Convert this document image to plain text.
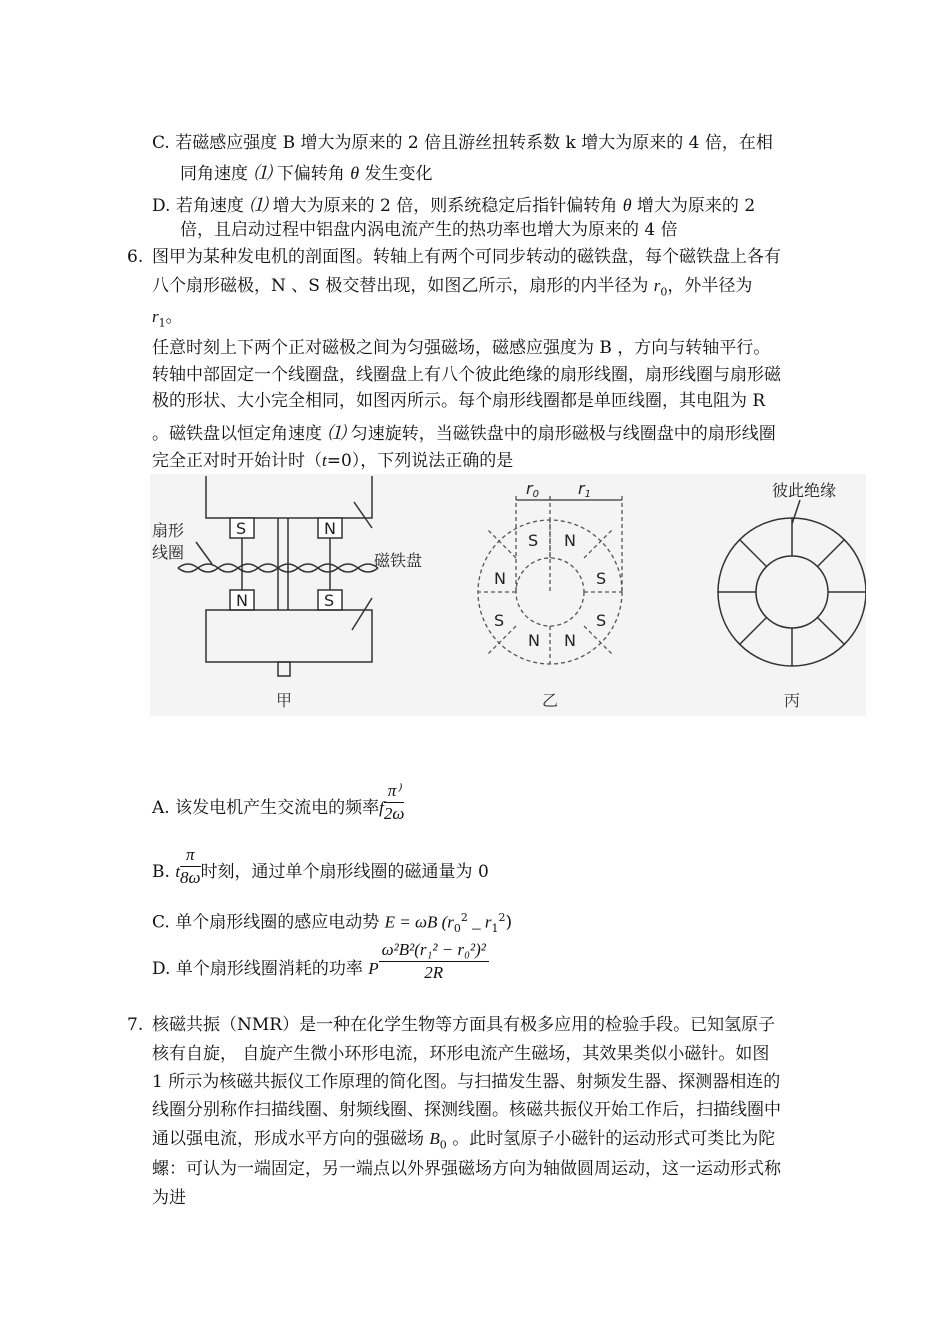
C. 若磁感应强度 B 增大为原来的 2 倍且游丝扭转系数 k 增大为原来的 4 倍，在相
同角速度 ⑴ 下偏转角 θ 发生变化
D. 若角速度 ⑴ 增大为原来的 2 倍，则系统稳定后指针偏转角 θ 增大为原来的 2
倍，且启动过程中铝盘内涡电流产生的热功率也增大为原来的 4 倍
6. 图甲为某种发电机的剖面图。转轴上有两个可同步转动的磁铁盘，每个磁铁盘上各有
八个扇形磁极，N 、S 极交替出现，如图乙所示，扇形的内半径为 $r_0$，外半径为
$r_1$。
任意时刻上下两个正对磁极之间为匀强磁场，磁感应强度为 B ，方向与转轴平行。
转轴中部固定一个线圈盘，线圈盘上有八个彼此绝缘的扇形线圈，扇形线圈与扇形磁
极的形状、大小完全相同，如图丙所示。每个扇形线圈都是单匝线圈，其电阻为 R
。磁铁盘以恒定角速度 ⑴ 匀速旋转，当磁铁盘中的扇形磁极与线圈盘中的扇形线圈
完全正对时开始计时（t=0），下列说法正确的是
S	N
N	S
扇形
线圈	磁铁盘
甲
r0 r1
S N
S
S
N
S
N N
乙
彼此绝缘
丙
A. 该发电机产生交流电的频率f $\frac{\pi^)}{2\omega}$
B. t $\frac{\pi}{8\omega}$ 时刻，通过单个扇形线圈的磁通量为 0
C. 单个扇形线圈的感应电动势 E = ωB ($r_0^2$ _ $r_1^2$)
D. 单个扇形线圈消耗的功率 P $\frac{\text{ω²B²(r₁² − r₀²)²}}{2R}$
7. 核磁共振（NMR）是一种在化学生物等方面具有极多应用的检验手段。已知氢原子
核有自旋， 自旋产生微小环形电流，环形电流产生磁场，其效果类似小磁针。如图
1 所示为核磁共振仪工作原理的简化图。与扫描发生器、射频发生器、探测器相连的
线圈分别称作扫描线圈、射频线圈、探测线圈。核磁共振仪开始工作后，扫描线圈中
通以强电流，形成水平方向的强磁场 $B_0$ 。此时氢原子小磁针的运动形式可类比为陀
螺：可认为一端固定，另一端点以外界强磁场方向为轴做圆周运动，这一运动形式称
为进
